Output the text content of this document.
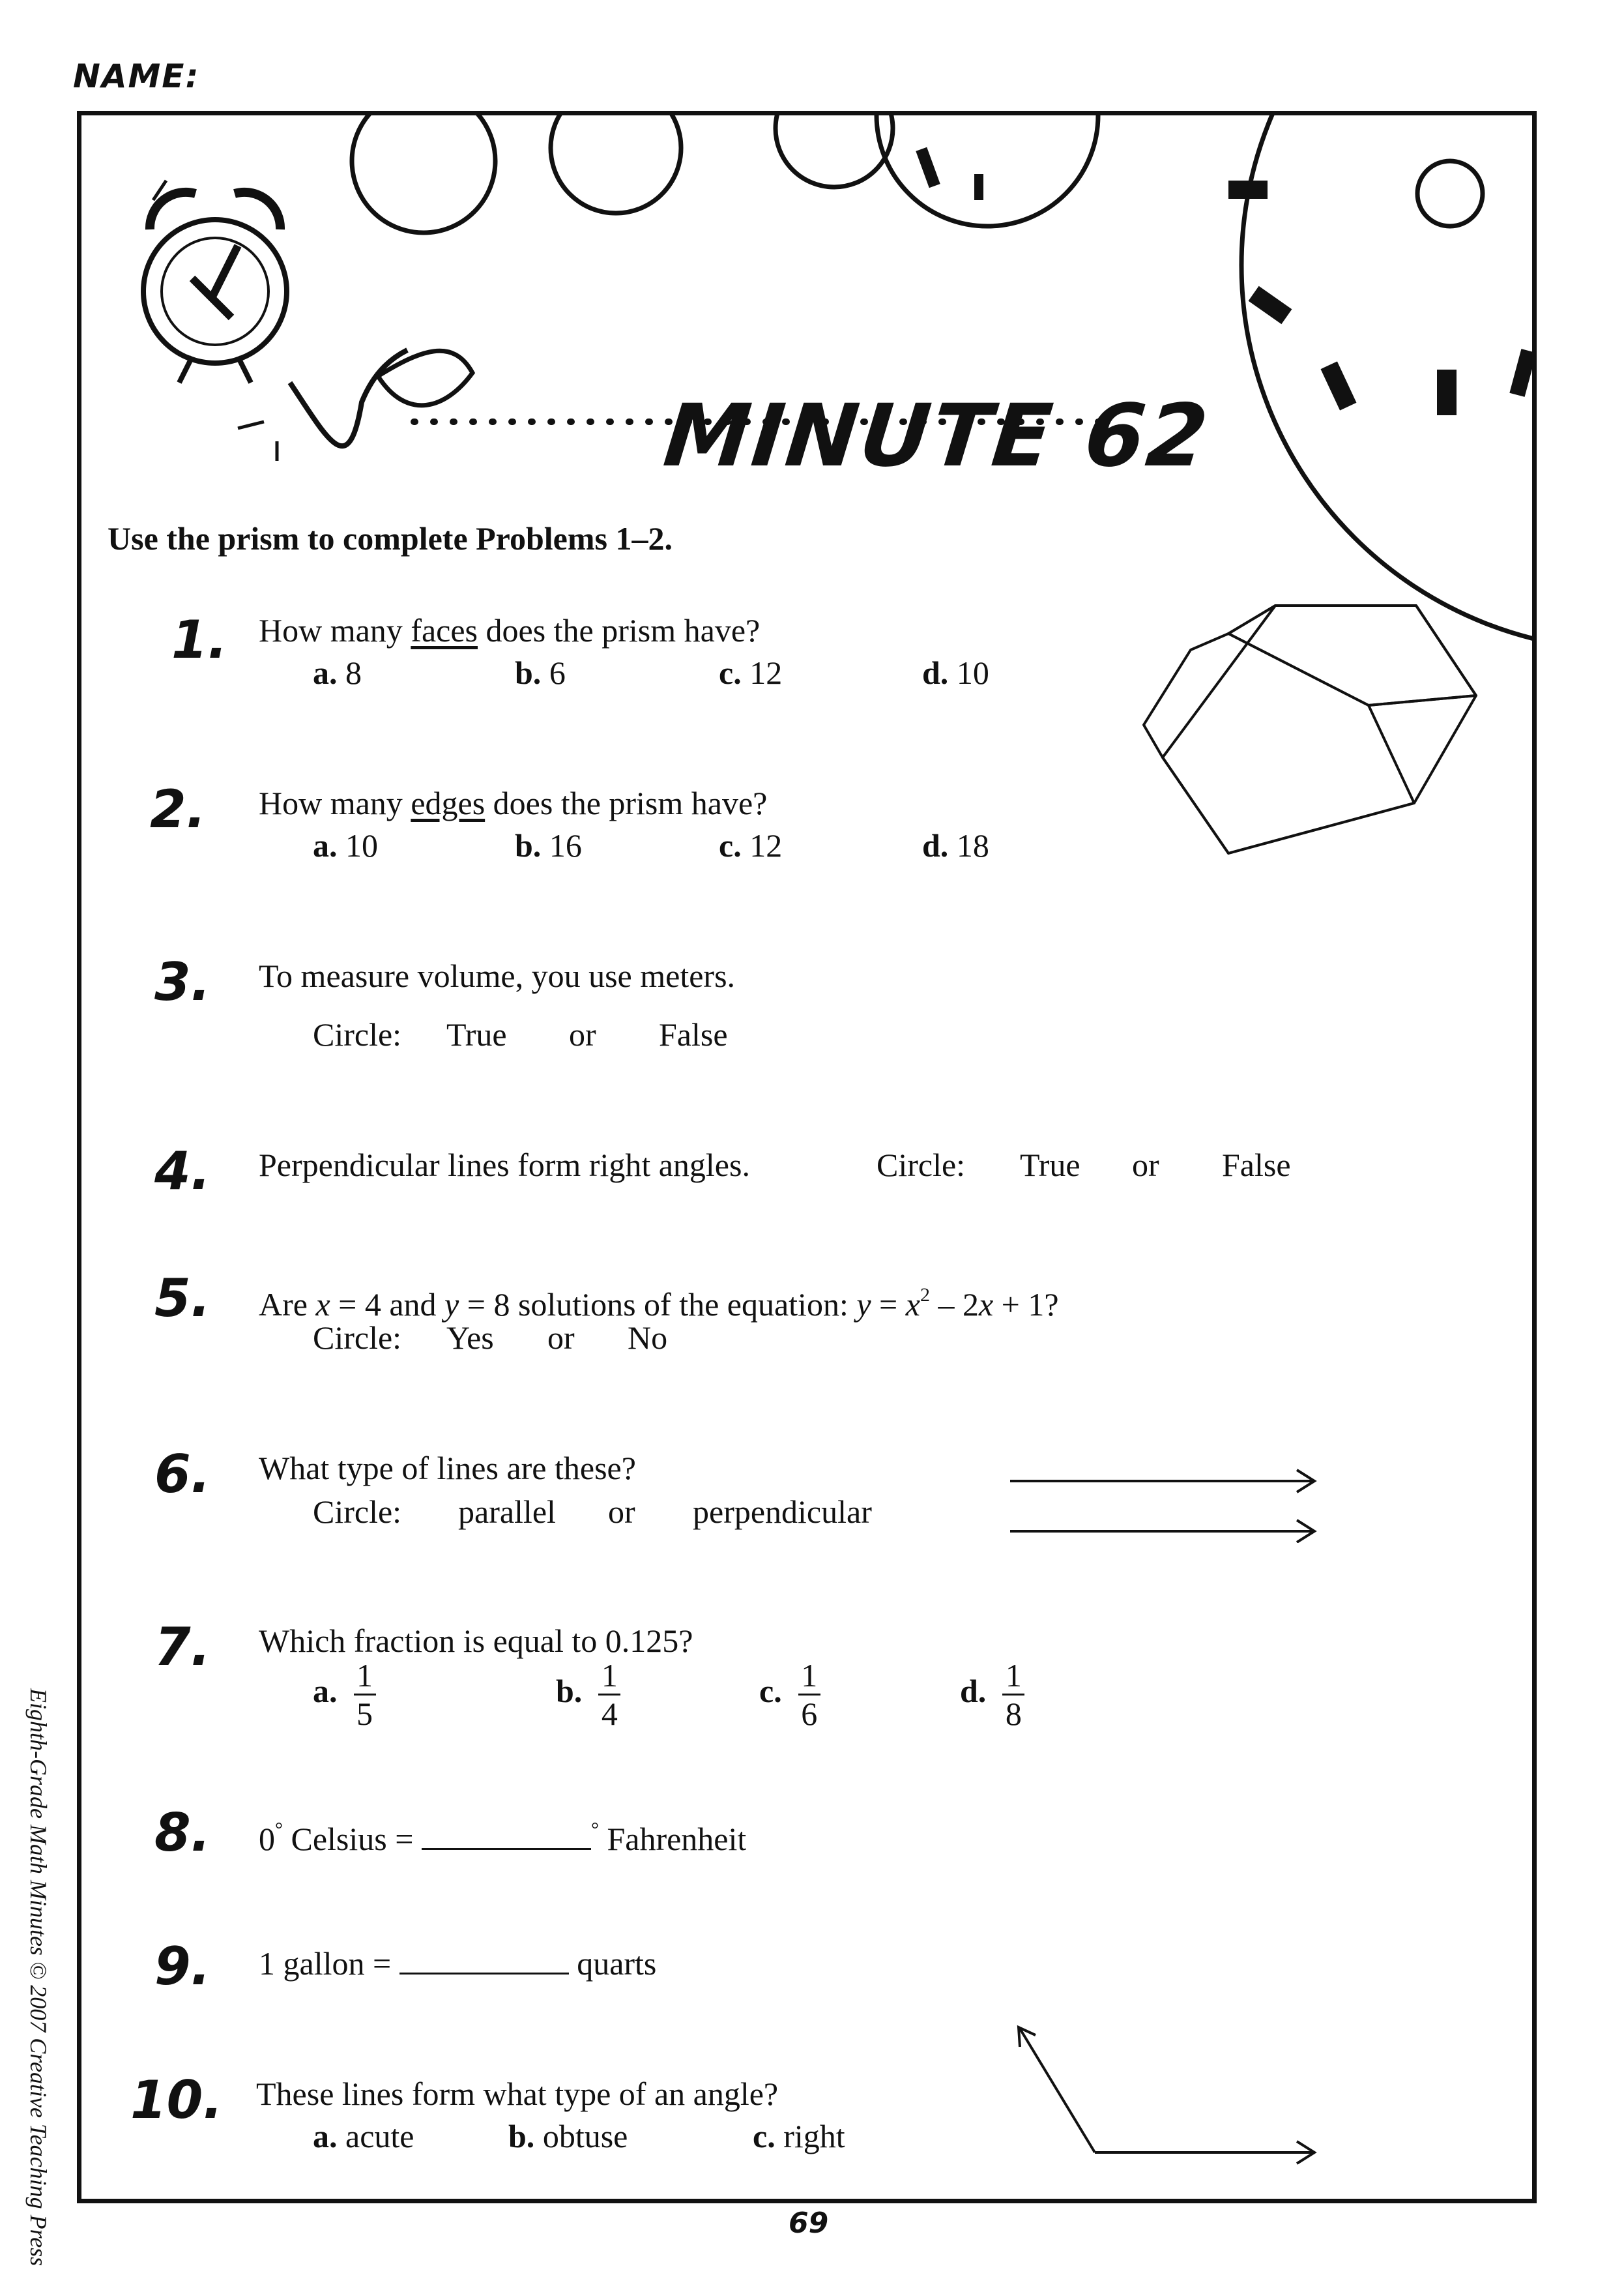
NAME:
MINUTE 62
Use the prism to complete Problems 1–2.
1. How many faces does the prism have?
a. 8	b. 6	c. 12	d. 10
2. How many edges does the prism have?
a. 10	b. 16	c. 12	d. 18
3. To measure volume, you use meters.
Circle: True or False
4. Perpendicular lines form right angles.	Circle: True or False
5. Are x = 4 and y = 8 solutions of the equation: $y = x^2 - 2x + 1$?
Circle: Yes or No
6. What type of lines are these?
Circle: parallel or perpendicular
7. Which fraction is equal to 0.125?
a. $\frac{1}{5}$	b. $\frac{1}{4}$	c. $\frac{1}{6}$	d. $\frac{1}{8}$
8. 0° Celsius =	° Fahrenheit
9. 1 gallon =	quarts
10. These lines form what type of an angle?
a. acute	b. obtuse	c. right
69
Eighth-Grade Math Minutes © 2007 Creative Teaching Press
